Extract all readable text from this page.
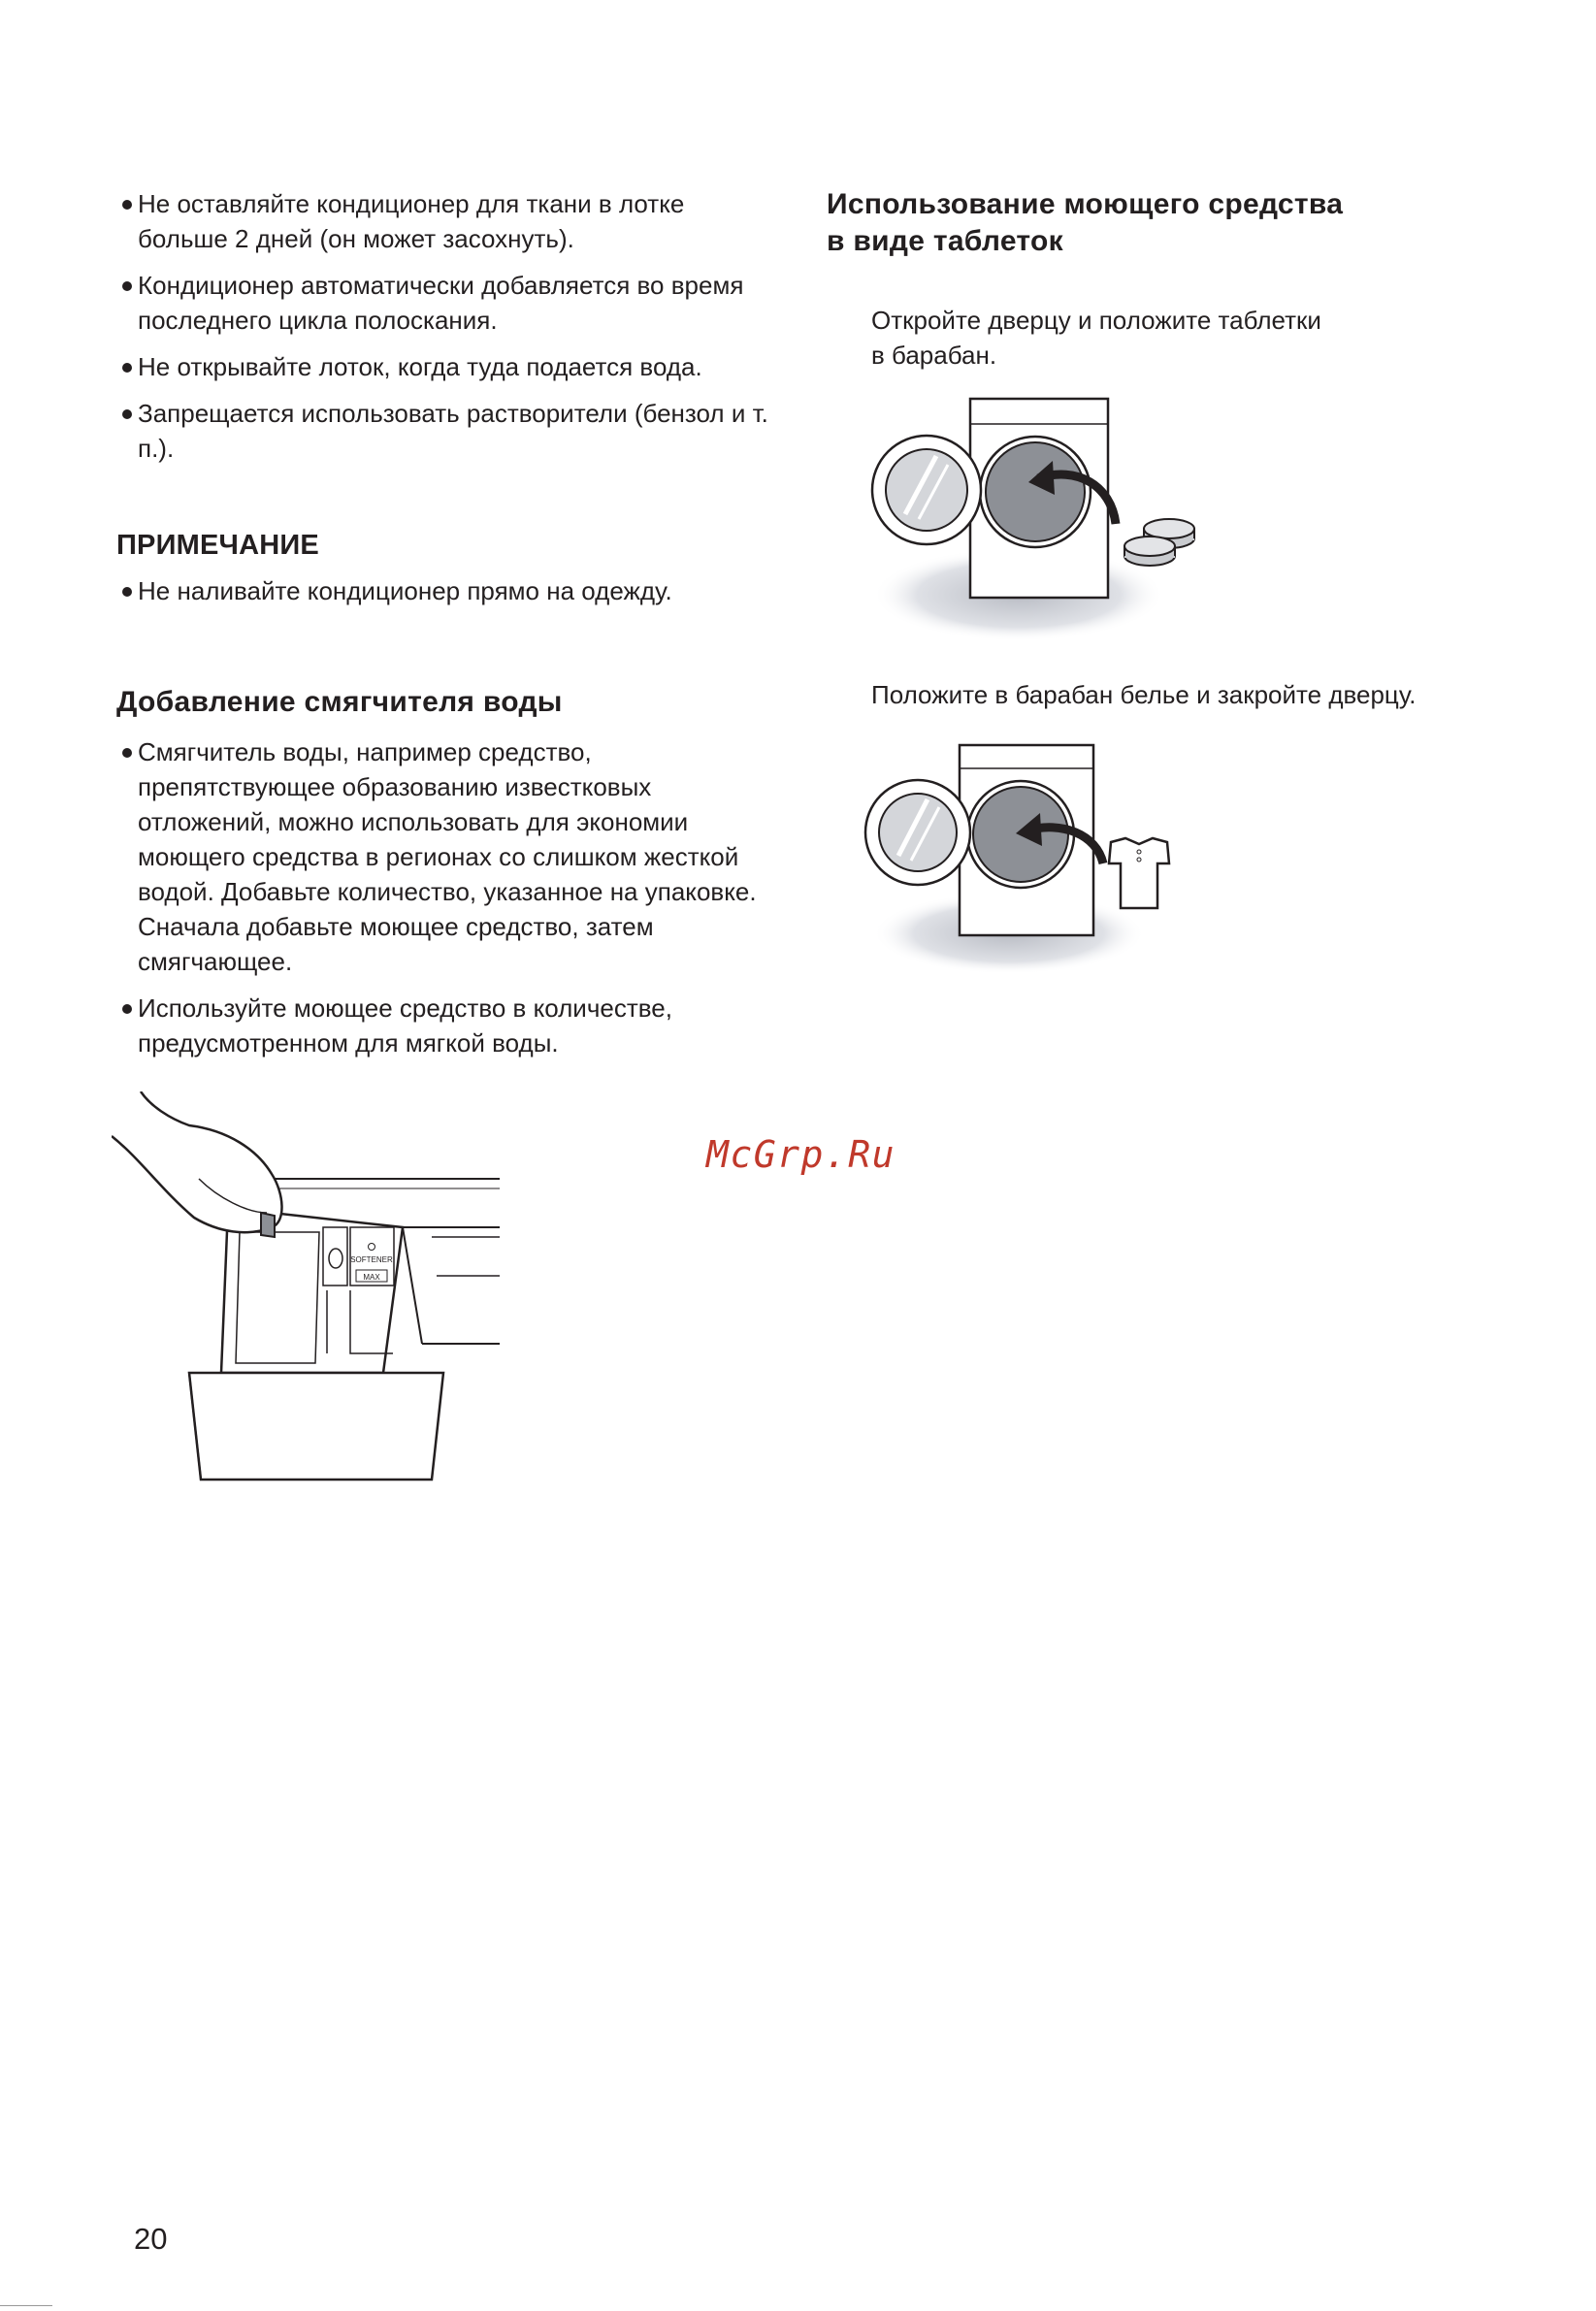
Не оставляйте кондиционер для ткани в лотке больше 2 дней (он может засохнуть).
Кондиционер автоматически добавляется во время последнего цикла полоскания.
Не открывайте лоток, когда туда подается вода.
Запрещается использовать растворители (бензол и т. п.).
ПРИМЕЧАНИЕ
Не наливайте кондиционер прямо на одежду.
Добавление смягчителя воды
Смягчитель воды, например средство, препятствующее образованию известковых отложений, можно использовать для экономии моющего средства в регионах со слишком жесткой водой. Добавьте количество, указанное на упаковке. Сначала добавьте моющее средство, затем смягчающее.
Используйте моющее средство в количестве, предусмотренном для мягкой воды.
Использование моющего средства
в виде таблеток

Откройте дверцу и положите таблетки
в барабан.

Положите в барабан белье и закройте дверцу.

SOFTENER
MAX
McGrp.Ru
20
